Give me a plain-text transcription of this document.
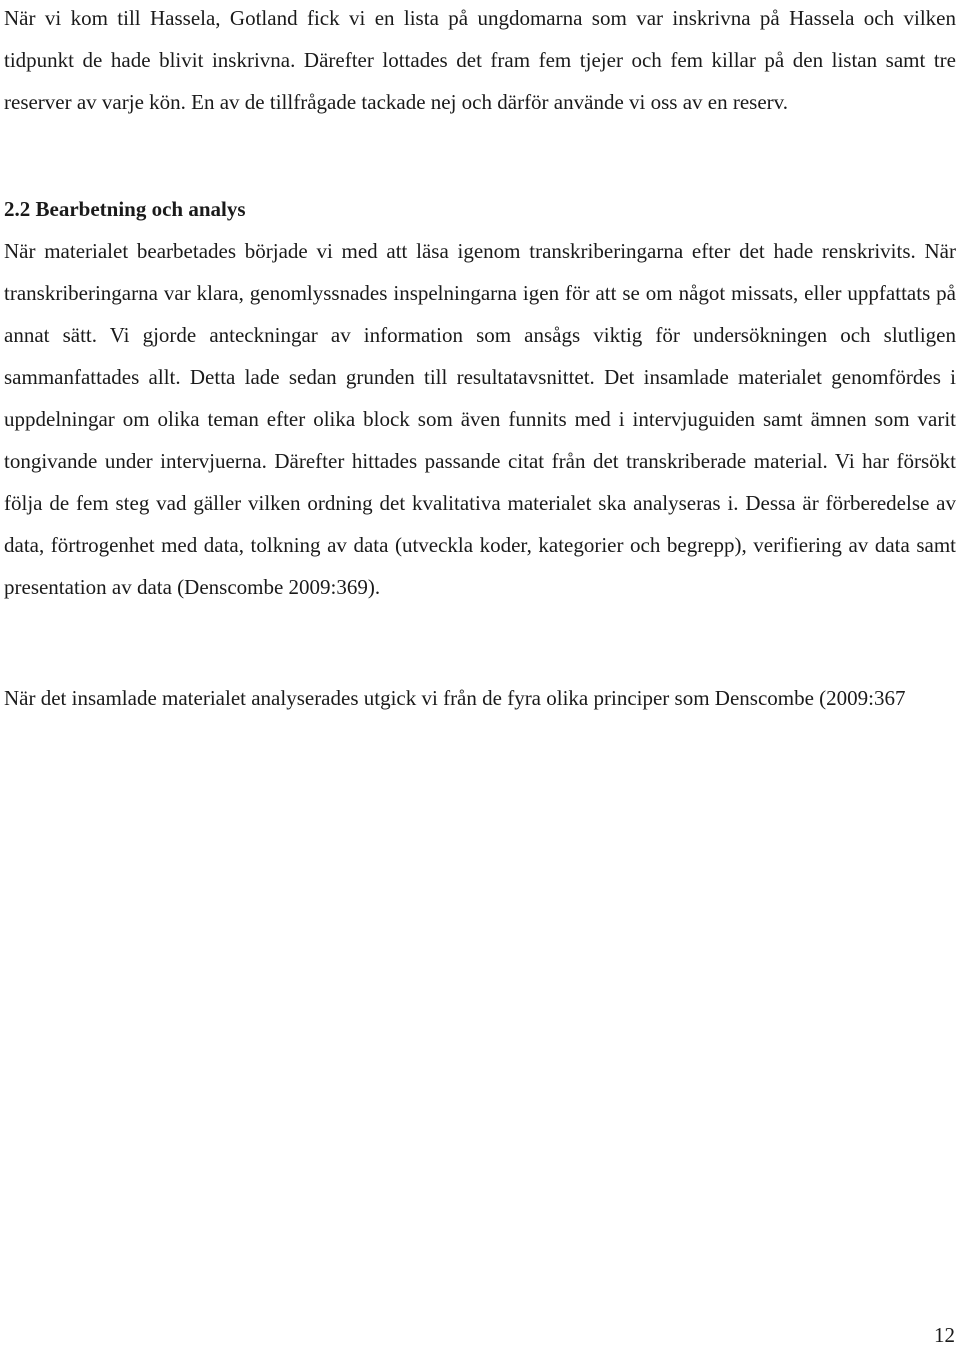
När vi kom till Hassela, Gotland fick vi en lista på ungdomarna som var inskrivna på Hassela och vilken tidpunkt de hade blivit inskrivna. Därefter lottades det fram fem tjejer och fem killar på den listan samt tre reserver av varje kön. En av de tillfrågade tackade nej och därför använde vi oss av en reserv.

2.2 Bearbetning och analys

När materialet bearbetades började vi med att läsa igenom transkriberingarna efter det hade renskrivits. När transkriberingarna var klara, genomlyssnades inspelningarna igen för att se om något missats, eller uppfattats på annat sätt. Vi gjorde anteckningar av information som ansågs viktig för undersökningen och slutligen sammanfattades allt. Detta lade sedan grunden till resultatavsnittet. Det insamlade materialet genomfördes i uppdelningar om olika teman efter olika block som även funnits med i intervjuguiden samt ämnen som varit tongivande under intervjuerna. Därefter hittades passande citat från det transkriberade material. Vi har försökt följa de fem steg vad gäller vilken ordning det kvalitativa materialet ska analyseras i. Dessa är förberedelse av data, förtrogenhet med data, tolkning av data (utveckla koder, kategorier och begrepp), verifiering av data samt presentation av data (Denscombe 2009:369).

När det insamlade materialet analyserades utgick vi från de fyra olika principer som Denscombe (2009:367

12
